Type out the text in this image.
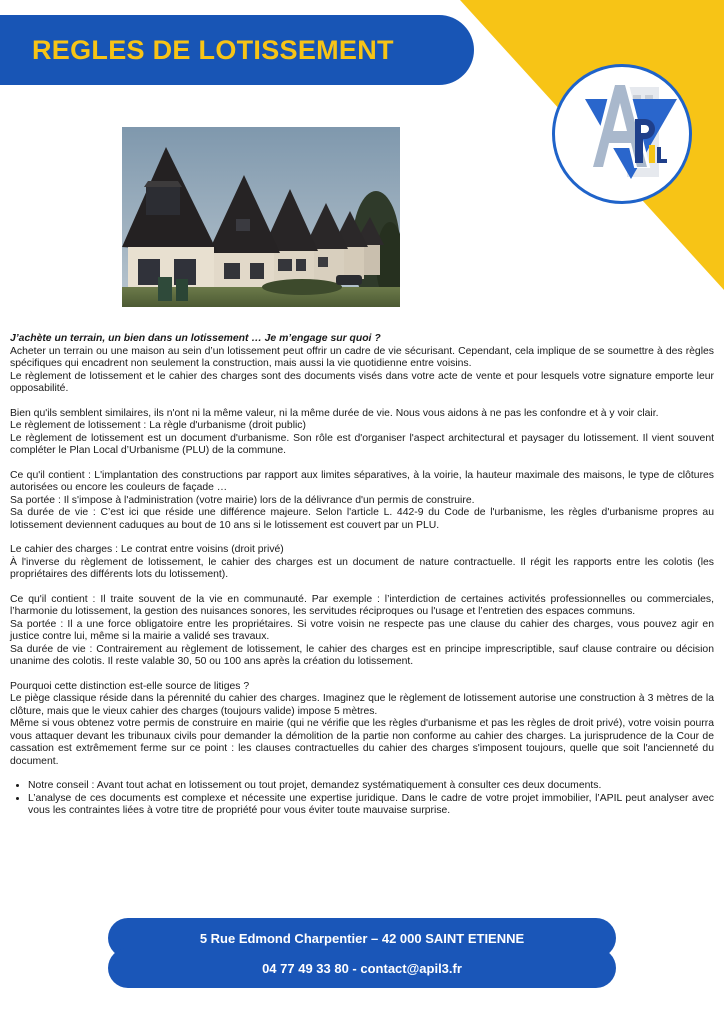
REGLES DE LOTISSEMENT

J’achète un terrain, un bien dans un lotissement … Je m’engage sur quoi ?

Acheter un terrain ou une maison au sein d’un lotissement peut offrir un cadre de vie sécurisant. Cependant, cela implique de se soumettre à des règles spécifiques qui encadrent non seulement la construction, mais aussi la vie quotidienne entre voisins.

Le règlement de lotissement et le cahier des charges sont des documents visés dans votre acte de vente et pour lesquels votre signature emporte leur opposabilité.

Bien qu'ils semblent similaires, ils n'ont ni la même valeur, ni la même durée de vie. Nous vous aidons à ne pas les confondre et à y voir clair.

Le règlement de lotissement : La règle d'urbanisme (droit public)

Le règlement de lotissement est un document d'urbanisme. Son rôle est d'organiser l'aspect architectural et paysager du lotissement. Il vient souvent compléter le Plan Local d’Urbanisme (PLU) de la commune.

Ce qu'il contient : L'implantation des constructions par rapport aux limites séparatives, à la voirie, la hauteur maximale des maisons, le type de clôtures autorisées ou encore les couleurs de façade …

Sa portée : Il s'impose à l'administration (votre mairie) lors de la délivrance d'un permis de construire.

Sa durée de vie : C’est ici que réside une différence majeure. Selon l'article L. 442-9 du Code de l'urbanisme, les règles d'urbanisme propres au lotissement deviennent caduques au bout de 10 ans si le lotissement est couvert par un PLU.

Le cahier des charges : Le contrat entre voisins (droit privé)

À l'inverse du règlement de lotissement, le cahier des charges est un document de nature contractuelle. Il régit les rapports entre les colotis (les propriétaires des différents lots du lotissement).

Ce qu'il contient : Il traite souvent de la vie en communauté. Par exemple : l’interdiction de certaines activités professionnelles ou commerciales, l’harmonie du lotissement, la gestion des nuisances sonores, les servitudes réciproques ou l'usage et l’entretien des espaces communs.

Sa portée : Il a une force obligatoire entre les propriétaires. Si votre voisin ne respecte pas une clause du cahier des charges, vous pouvez agir en justice contre lui, même si la mairie a validé ses travaux.

Sa durée de vie : Contrairement au règlement de lotissement, le cahier des charges est en principe imprescriptible, sauf clause contraire ou décision unanime des colotis. Il reste valable 30, 50 ou 100 ans après la création du lotissement.

Pourquoi cette distinction est-elle source de litiges ?

Le piège classique réside dans la pérennité du cahier des charges. Imaginez que le règlement de lotissement autorise une construction à 3 mètres de la clôture, mais que le vieux cahier des charges (toujours valide) impose 5 mètres.

Même si vous obtenez votre permis de construire en mairie (qui ne vérifie que les règles d'urbanisme et pas les règles de droit privé), votre voisin pourra vous attaquer devant les tribunaux civils pour demander la démolition de la partie non conforme au cahier des charges. La jurisprudence de la Cour de cassation est extrêmement ferme sur ce point : les clauses contractuelles du cahier des charges s'imposent toujours, quelle que soit l'ancienneté du document.

• Notre conseil : Avant tout achat en lotissement ou tout projet, demandez systématiquement à consulter ces deux documents.
• L’analyse de ces documents est complexe et nécessite une expertise juridique. Dans le cadre de votre projet immobilier, l’APIL peut analyser avec vous les contraintes liées à votre titre de propriété pour vous éviter toute mauvaise surprise.
5 Rue Edmond Charpentier – 42 000 SAINT ETIENNE
04 77 49 33 80 - contact@apil3.fr
